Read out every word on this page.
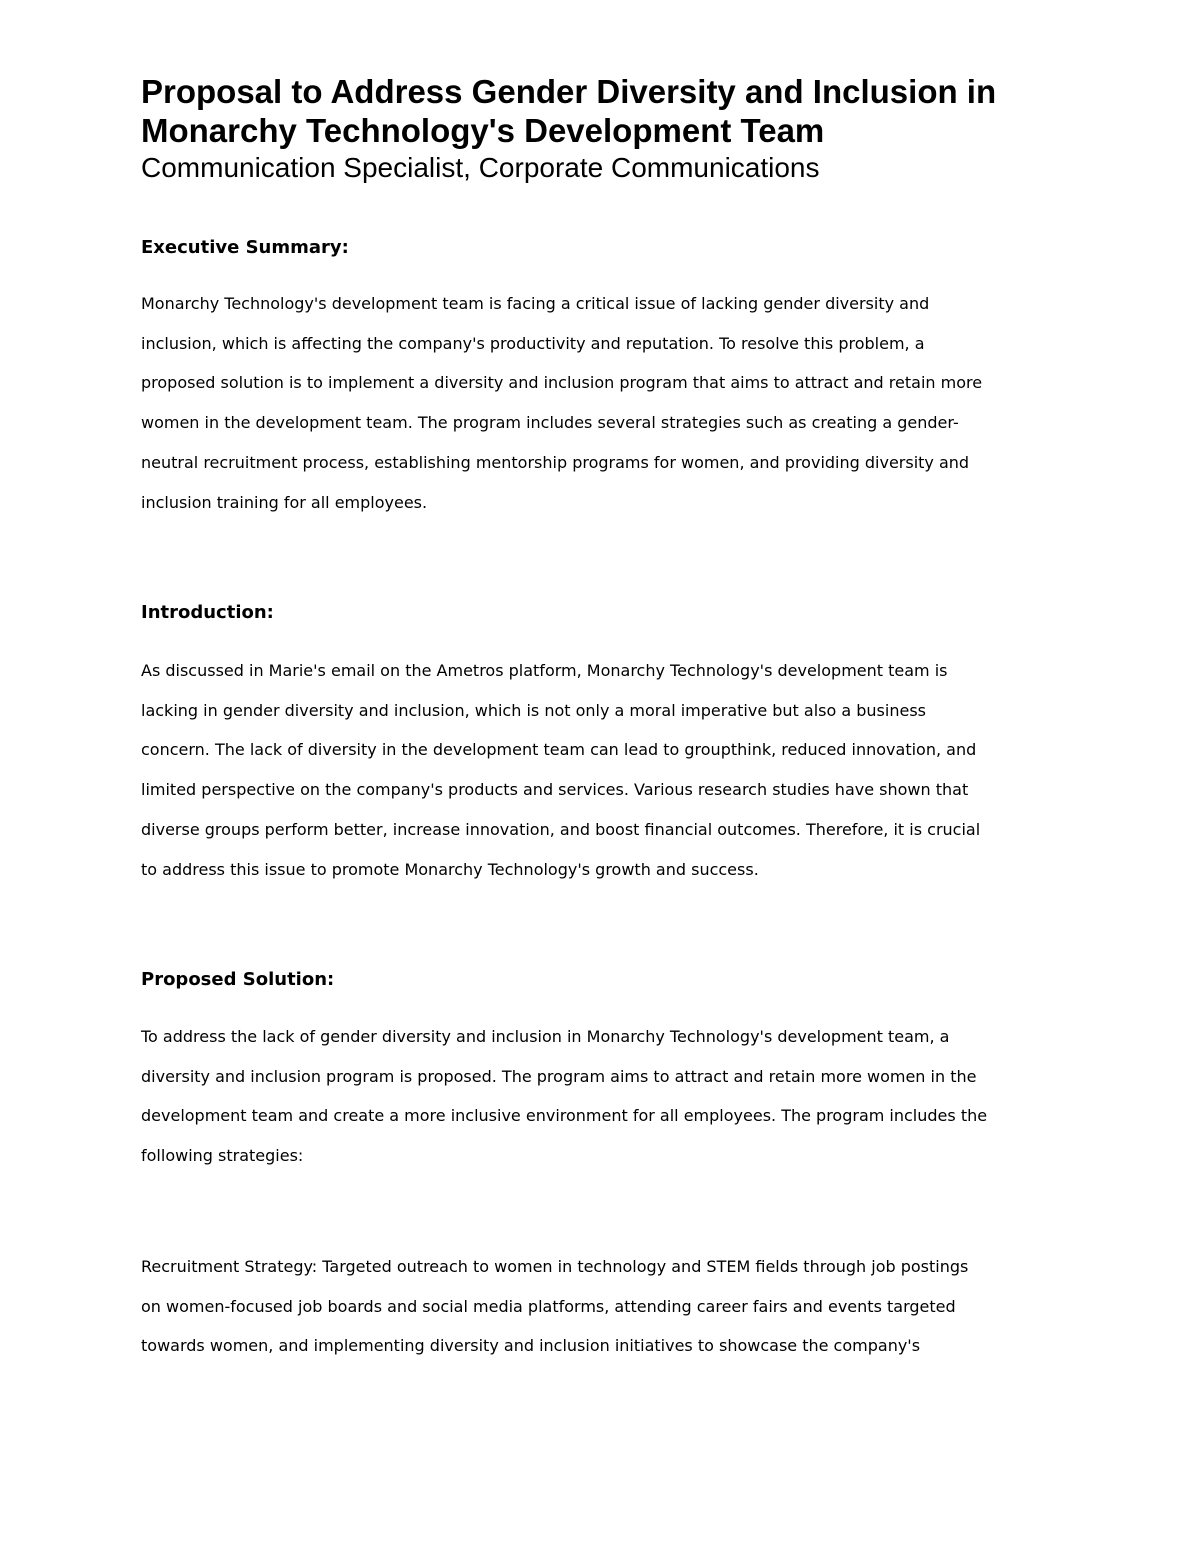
Proposal to Address Gender Diversity and Inclusion in
Monarchy Technology's Development Team

Communication Specialist, Corporate Communications

Executive Summary:
Monarchy Technology's development team is facing a critical issue of lacking gender diversity and
inclusion, which is affecting the company's productivity and reputation. To resolve this problem, a
proposed solution is to implement a diversity and inclusion program that aims to attract and retain more
women in the development team. The program includes several strategies such as creating a gender-
neutral recruitment process, establishing mentorship programs for women, and providing diversity and
inclusion training for all employees.
Introduction:
As discussed in Marie's email on the Ametros platform, Monarchy Technology's development team is
lacking in gender diversity and inclusion, which is not only a moral imperative but also a business
concern. The lack of diversity in the development team can lead to groupthink, reduced innovation, and
limited perspective on the company's products and services. Various research studies have shown that
diverse groups perform better, increase innovation, and boost financial outcomes. Therefore, it is crucial
to address this issue to promote Monarchy Technology's growth and success.
Proposed Solution:
To address the lack of gender diversity and inclusion in Monarchy Technology's development team, a
diversity and inclusion program is proposed. The program aims to attract and retain more women in the
development team and create a more inclusive environment for all employees. The program includes the
following strategies:
Recruitment Strategy: Targeted outreach to women in technology and STEM fields through job postings
on women-focused job boards and social media platforms, attending career fairs and events targeted
towards women, and implementing diversity and inclusion initiatives to showcase the company's
